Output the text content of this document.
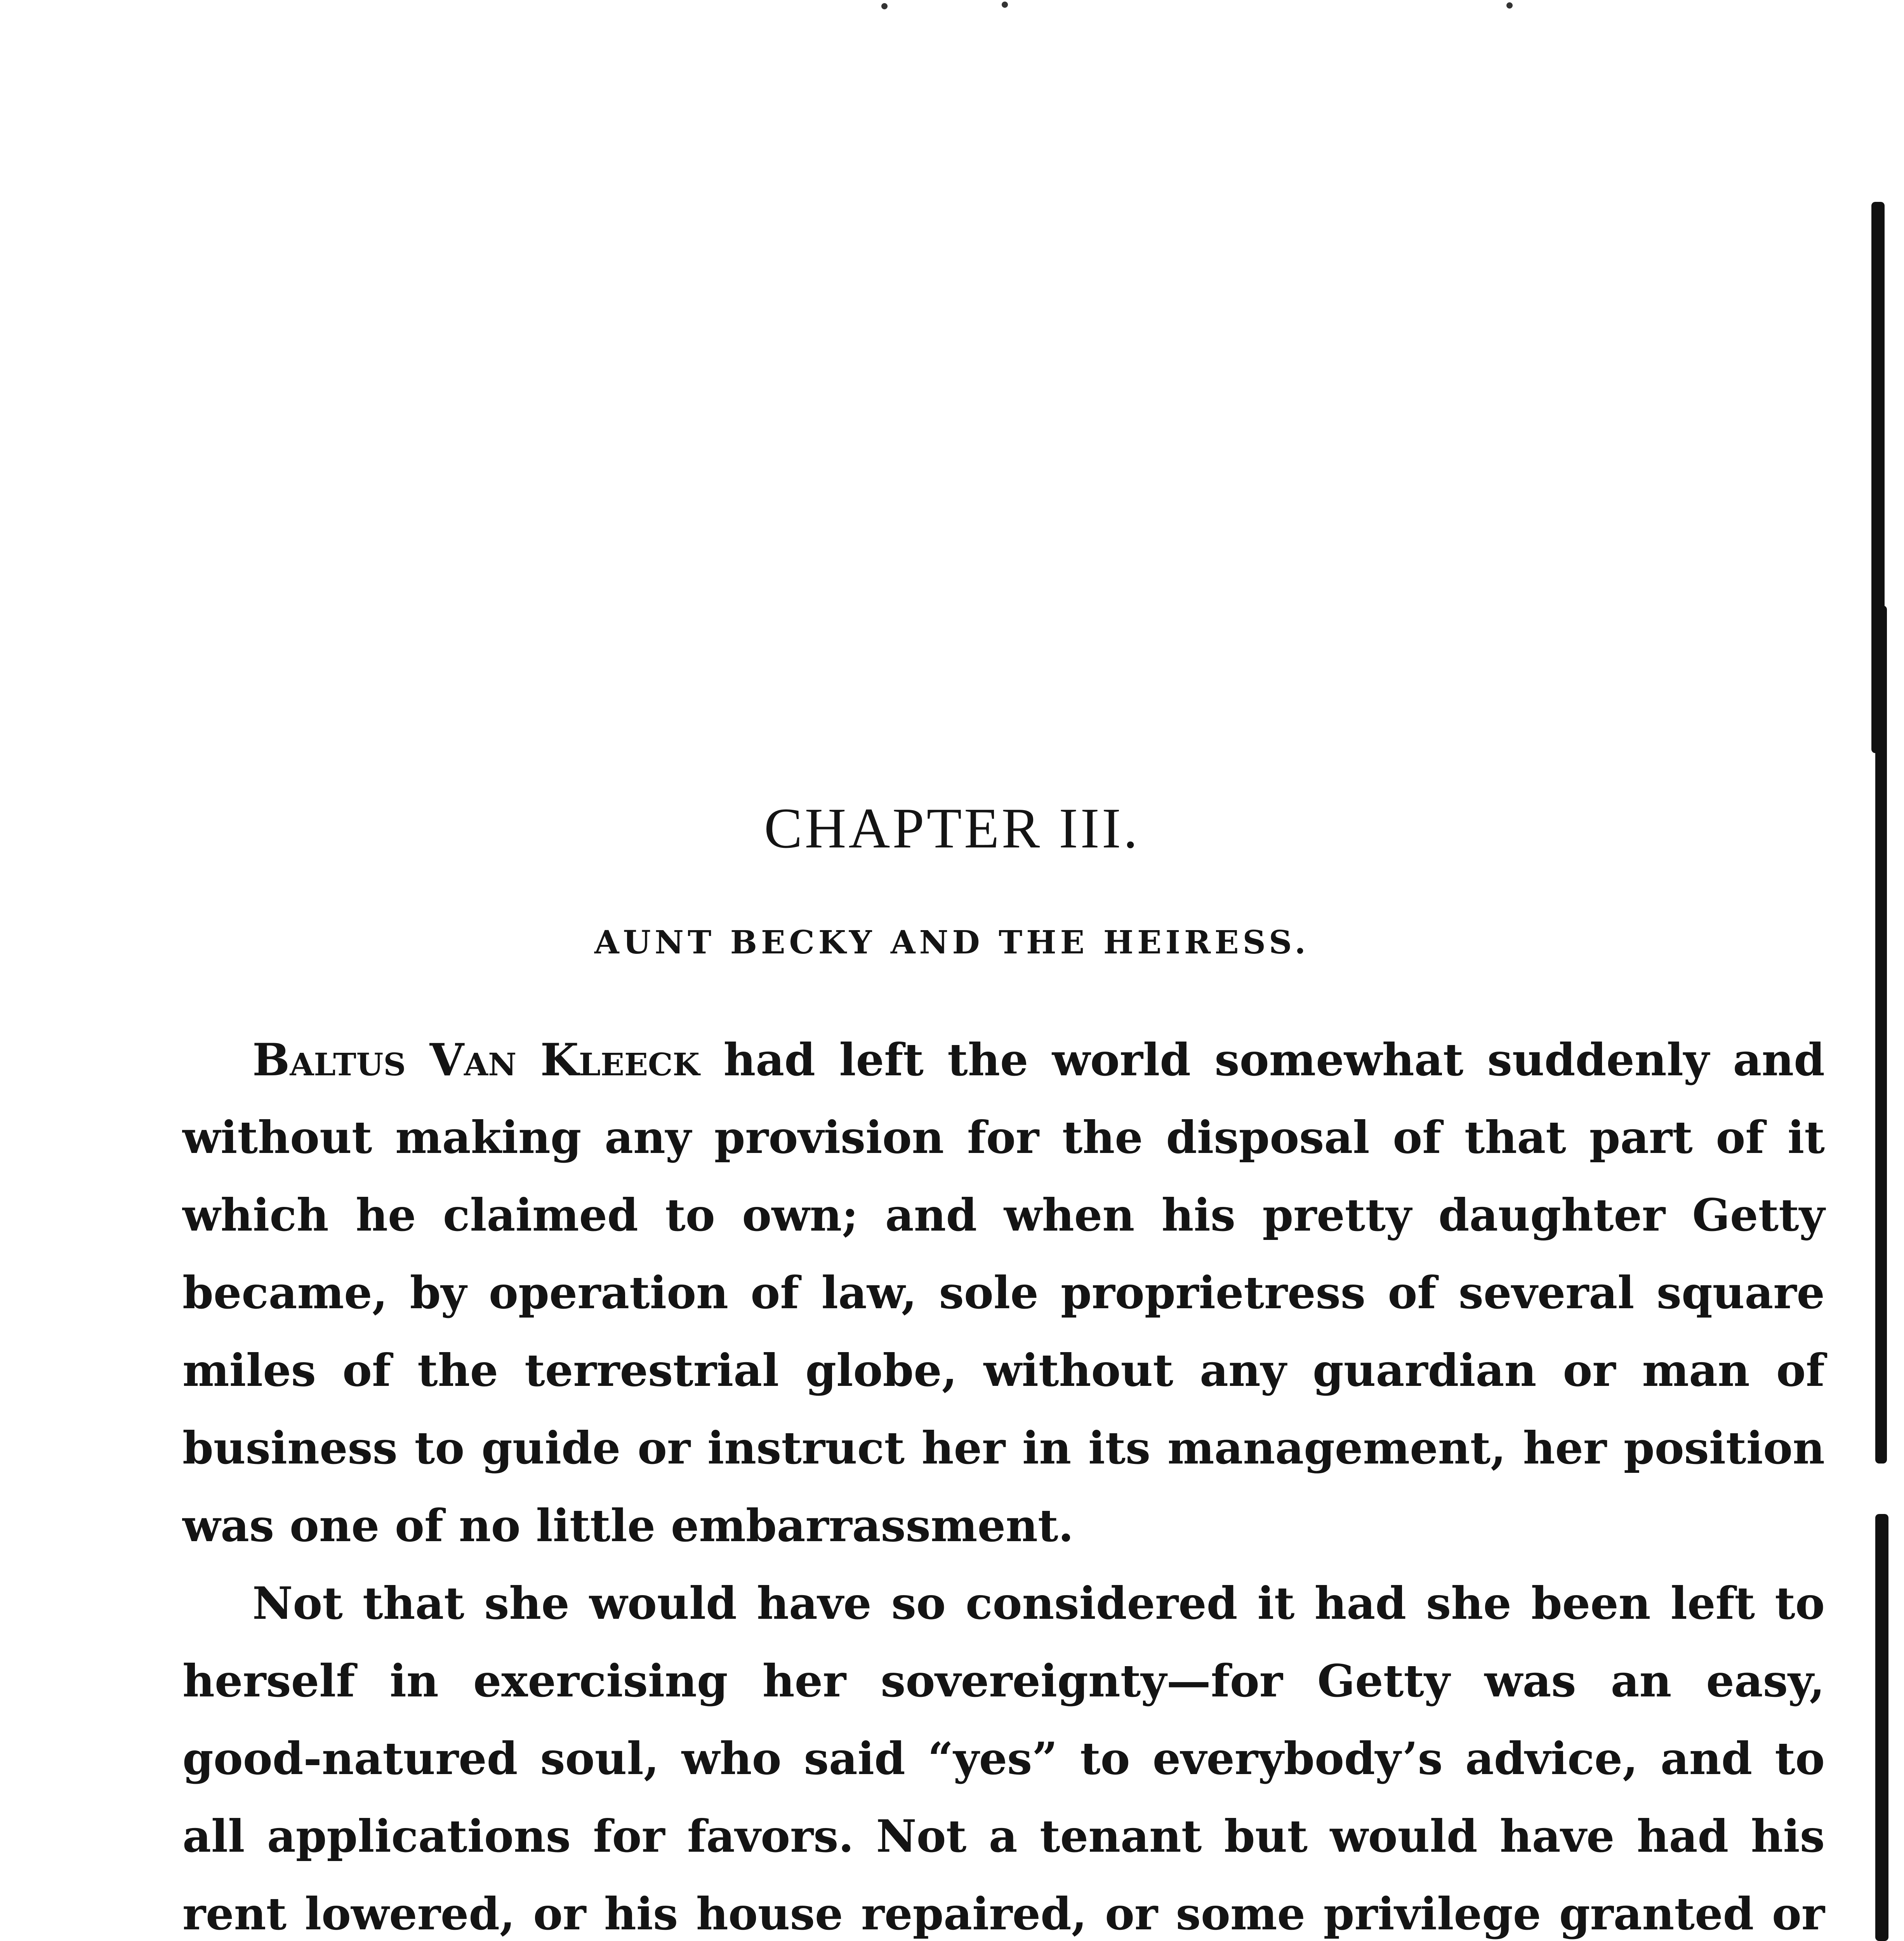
CHAPTER III.
AUNT BECKY AND THE HEIRESS.

Baltus Van Kleeck had left the world somewhat suddenly and without making any provision for the disposal of that part of it which he claimed to own; and when his pretty daughter Getty became, by operation of law, sole proprietress of several square miles of the terrestrial globe, without any guardian or man of business to guide or instruct her in its management, her position was one of no little embarrassment.

Not that she would have so considered it had she been left to herself in exercising her sovereignty—for Getty was an easy, good-natured soul, who said “yes” to everybody’s advice, and to all applications for favors. Not a tenant but would have had his rent lowered, or his house repaired, or some privilege granted or
